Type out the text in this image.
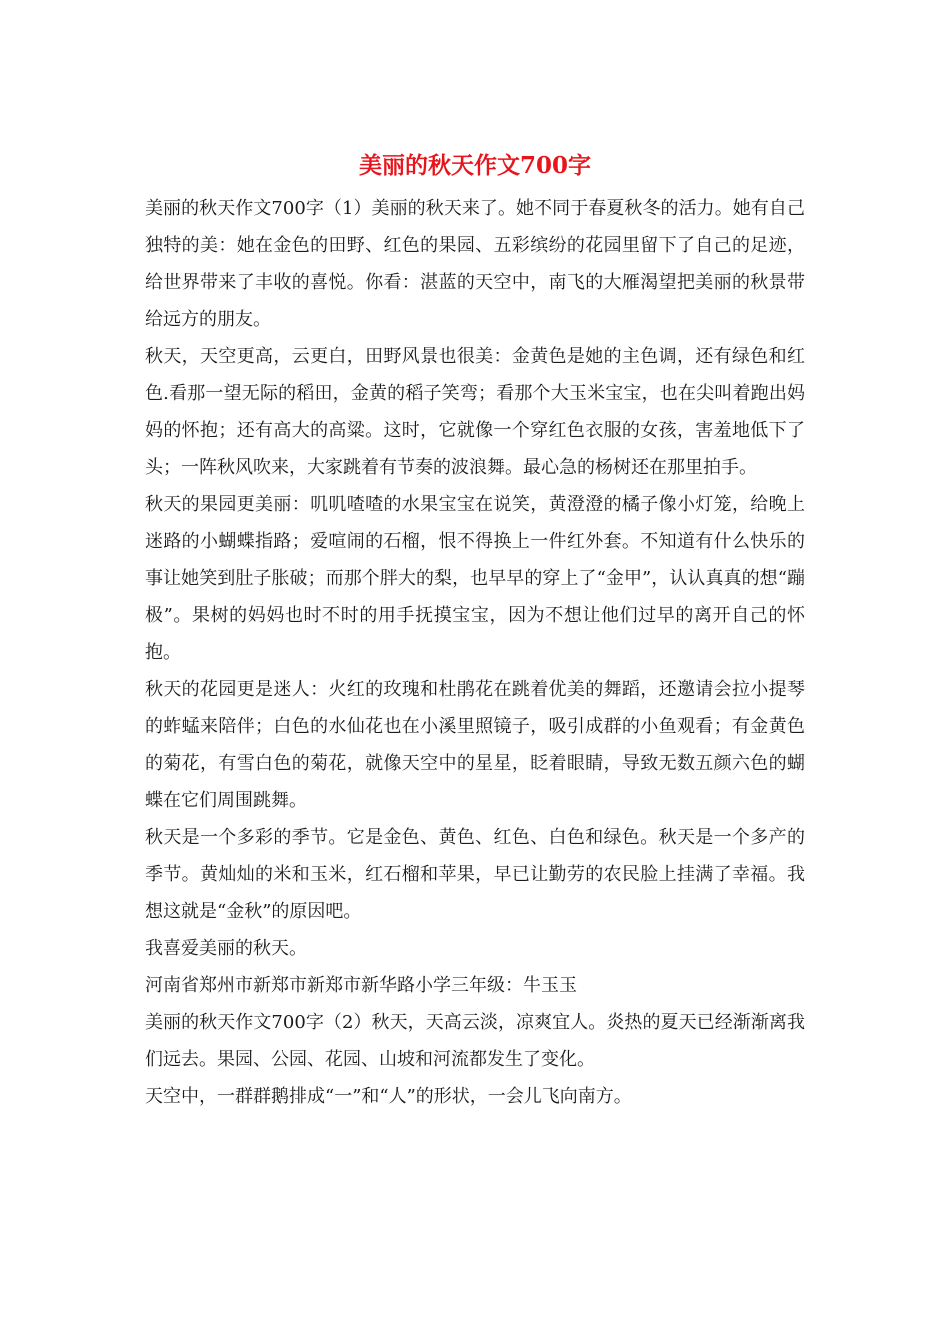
美丽的秋天作文700字

美丽的秋天作文700字（1）美丽的秋天来了。她不同于春夏秋冬的活力。她有自己独特的美：她在金色的田野、红色的果园、五彩缤纷的花园里留下了自己的足迹，给世界带来了丰收的喜悦。你看：湛蓝的天空中，南飞的大雁渴望把美丽的秋景带给远方的朋友。

秋天，天空更高，云更白，田野风景也很美：金黄色是她的主色调，还有绿色和红色.看那一望无际的稻田，金黄的稻子笑弯；看那个大玉米宝宝，也在尖叫着跑出妈妈的怀抱；还有高大的高粱。这时，它就像一个穿红色衣服的女孩，害羞地低下了头；一阵秋风吹来，大家跳着有节奏的波浪舞。最心急的杨树还在那里拍手。

秋天的果园更美丽：叽叽喳喳的水果宝宝在说笑，黄澄澄的橘子像小灯笼，给晚上迷路的小蝴蝶指路；爱喧闹的石榴，恨不得换上一件红外套。不知道有什么快乐的事让她笑到肚子胀破；而那个胖大的梨，也早早的穿上了“金甲”，认认真真的想“蹦极”。果树的妈妈也时不时的用手抚摸宝宝，因为不想让他们过早的离开自己的怀抱。

秋天的花园更是迷人：火红的玫瑰和杜鹃花在跳着优美的舞蹈，还邀请会拉小提琴的蚱蜢来陪伴；白色的水仙花也在小溪里照镜子，吸引成群的小鱼观看；有金黄色的菊花，有雪白色的菊花，就像天空中的星星，眨着眼睛，导致无数五颜六色的蝴蝶在它们周围跳舞。

秋天是一个多彩的季节。它是金色、黄色、红色、白色和绿色。秋天是一个多产的季节。黄灿灿的米和玉米，红石榴和苹果，早已让勤劳的农民脸上挂满了幸福。我想这就是“金秋”的原因吧。

我喜爱美丽的秋天。

河南省郑州市新郑市新郑市新华路小学三年级：牛玉玉

美丽的秋天作文700字（2）秋天，天高云淡，凉爽宜人。炎热的夏天已经渐渐离我们远去。果园、公园、花园、山坡和河流都发生了变化。

天空中，一群群鹅排成“一”和“人”的形状，一会儿飞向南方。
